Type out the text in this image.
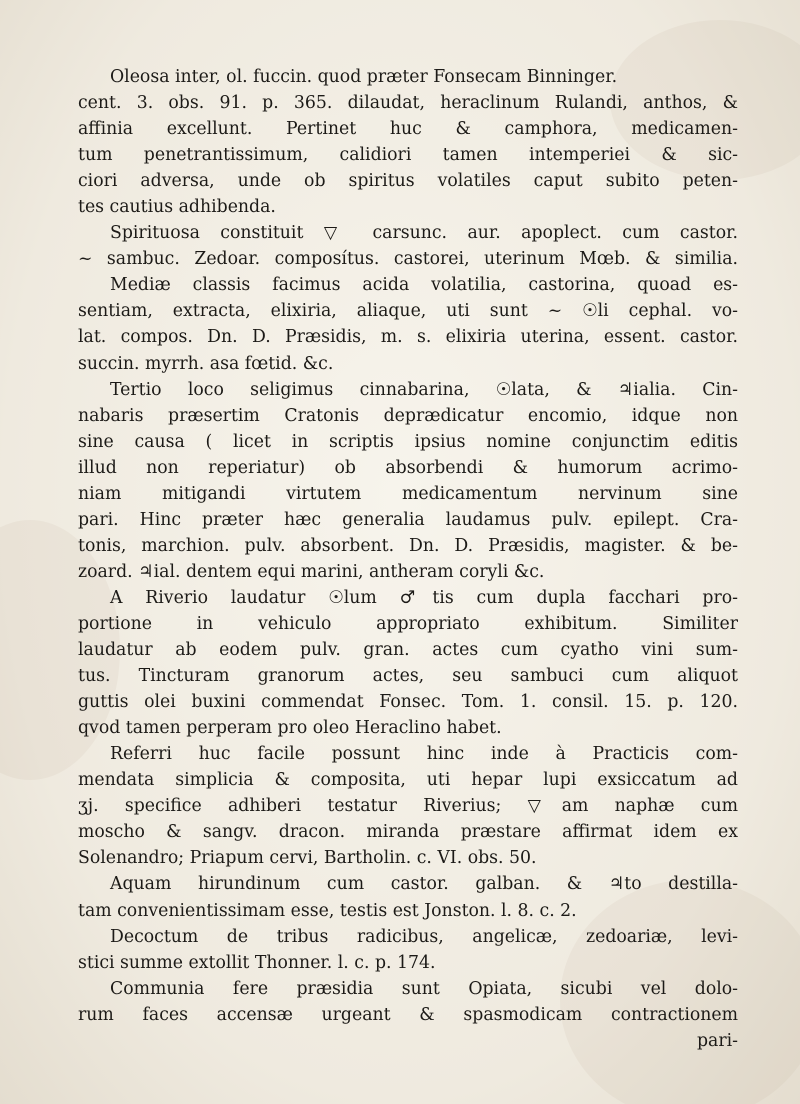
Oleosa inter, ol. fuccin. quod præter Fonsecam Binninger.
cent. 3. obs. 91. p. 365. dilaudat, heraclinum Rulandi, anthos, &
affinia excellunt. Pertinet huc & camphora, medicamen-
tum penetrantissimum, calidiori tamen intemperiei & sic-
ciori adversa, unde ob spiritus volatiles caput subito peten-
tes cautius adhibenda.
Spirituosa constituit ▽ carsunc. aur. apoplect. cum castor.
~ sambuc. Zedoar. composítus. castorei, uterinum Mœb. & similia.
Mediæ classis facimus acida volatilia, castorina, quoad es-
sentiam, extracta, elixiria, aliaque, uti sunt ~ ☉li cephal. vo-
lat. compos. Dn. D. Præsidis, m. s. elixiria uterina, essent. castor.
succin. myrrh. asa fœtid. &c.
Tertio loco seligimus cinnabarina, ☉lata, & ♃ialia. Cin-
nabaris præsertim Cratonis deprædicatur encomio, idque non
sine causa ( licet in scriptis ipsius nomine conjunctim editis
illud non reperiatur) ob absorbendi & humorum acrimo-
niam mitigandi virtutem medicamentum nervinum sine
pari. Hinc præter hæc generalia laudamus pulv. epilept. Cra-
tonis, marchion. pulv. absorbent. Dn. D. Præsidis, magister. & be-
zoard. ♃ial. dentem equi marini, antheram coryli &c.
A Riverio laudatur ☉lum ♂tis cum dupla facchari pro-
portione in vehiculo appropriato exhibitum. Similiter
laudatur ab eodem pulv. gran. actes cum cyatho vini sum-
tus. Tincturam granorum actes, seu sambuci cum aliquot
guttis olei buxini commendat Fonsec. Tom. 1. consil. 15. p. 120.
qvod tamen perperam pro oleo Heraclino habet.
Referri huc facile possunt hinc inde à Practicis com-
mendata simplicia & composita, uti hepar lupi exsiccatum ad
ʒj. specifice adhiberi testatur Riverius; ▽am naphæ cum
moscho & sangv. dracon. miranda præstare affirmat idem ex
Solenandro; Priapum cervi, Bartholin. c. VI. obs. 50.
Aquam hirundinum cum castor. galban. & ♃to destilla-
tam convenientissimam esse, testis est Jonston. l. 8. c. 2.
Decoctum de tribus radicibus, angelicæ, zedoariæ, levi-
stici summe extollit Thonner. l. c. p. 174.
Communia fere præsidia sunt Opiata, sicubi vel dolo-
rum faces accensæ urgeant & spasmodicam contractionem
pari-
